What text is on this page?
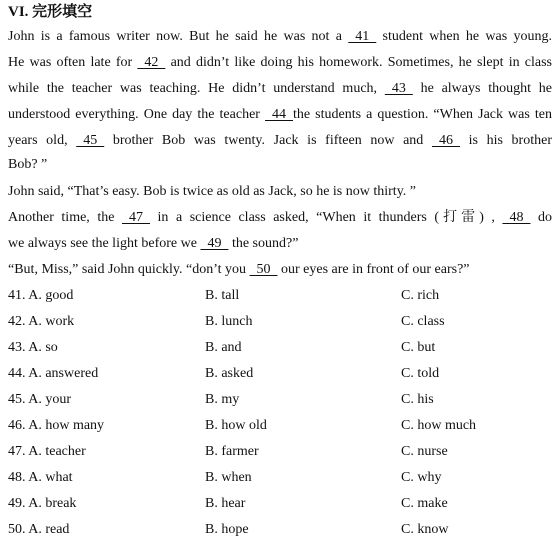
VI. 完形填空
John is a famous writer now. But he said he was not a   41   student when he was young.
He was often late for   42   and didn’t like doing his homework. Sometimes, he slept in class
while the teacher was teaching. He didn’t understand much,   43   he always thought he
understood everything. One day the teacher   44  the students a question. “When Jack was ten
years old,   45   brother Bob was twenty. Jack is fifteen now and   46   is his brother
Bob? ”
John said, “That’s easy. Bob is twice as old as Jack, so he is now thirty. ”
Another time, the   47   in a science class asked, “When it thunders (打雷) ,   48   do
we always see the light before we   49   the sound?”
“But, Miss,” said John quickly. “don’t you   50   our eyes are in front of our ears?”
41. A. good	B. tall	C. rich
42. A. work	B. lunch	C. class
43. A. so	B. and	C. but
44. A. answered	B. asked	C. told
45. A. your	B. my	C. his
46. A. how many	B. how old	C. how much
47. A. teacher	B. farmer	C. nurse
48. A. what	B. when	C. why
49. A. break	B. hear	C. make
50. A. read	B. hope	C. know
